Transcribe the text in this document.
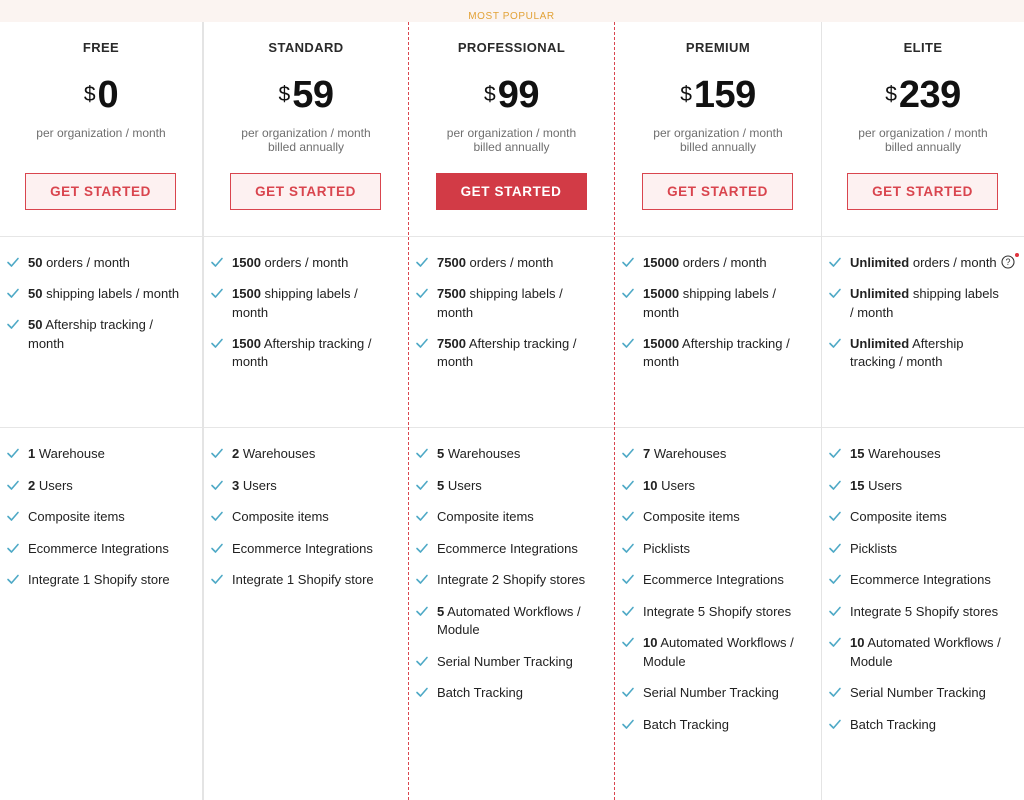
MOST POPULAR
FREE
$0
per organization / month
GET STARTED
50 orders / month
50 shipping labels / month
50 Aftership tracking / month
1 Warehouse
2 Users
Composite items
Ecommerce Integrations
Integrate 1 Shopify store
STANDARD
$59
per organization / month
billed annually
GET STARTED
1500 orders / month
1500 shipping labels / month
1500 Aftership tracking / month
2 Warehouses
3 Users
Composite items
Ecommerce Integrations
Integrate 1 Shopify store
PROFESSIONAL
$99
per organization / month
billed annually
GET STARTED
7500 orders / month
7500 shipping labels / month
7500 Aftership tracking / month
5 Warehouses
5 Users
Composite items
Ecommerce Integrations
Integrate 2 Shopify stores
5 Automated Workflows / Module
Serial Number Tracking
Batch Tracking
PREMIUM
$159
per organization / month
billed annually
GET STARTED
15000 orders / month
15000 shipping labels / month
15000 Aftership tracking / month
7 Warehouses
10 Users
Composite items
Picklists
Ecommerce Integrations
Integrate 5 Shopify stores
10 Automated Workflows / Module
Serial Number Tracking
Batch Tracking
ELITE
$239
per organization / month
billed annually
GET STARTED
?
Unlimited orders / month
Unlimited shipping labels / month
Unlimited Aftership tracking / month
15 Warehouses
15 Users
Composite items
Picklists
Ecommerce Integrations
Integrate 5 Shopify stores
10 Automated Workflows / Module
Serial Number Tracking
Batch Tracking
